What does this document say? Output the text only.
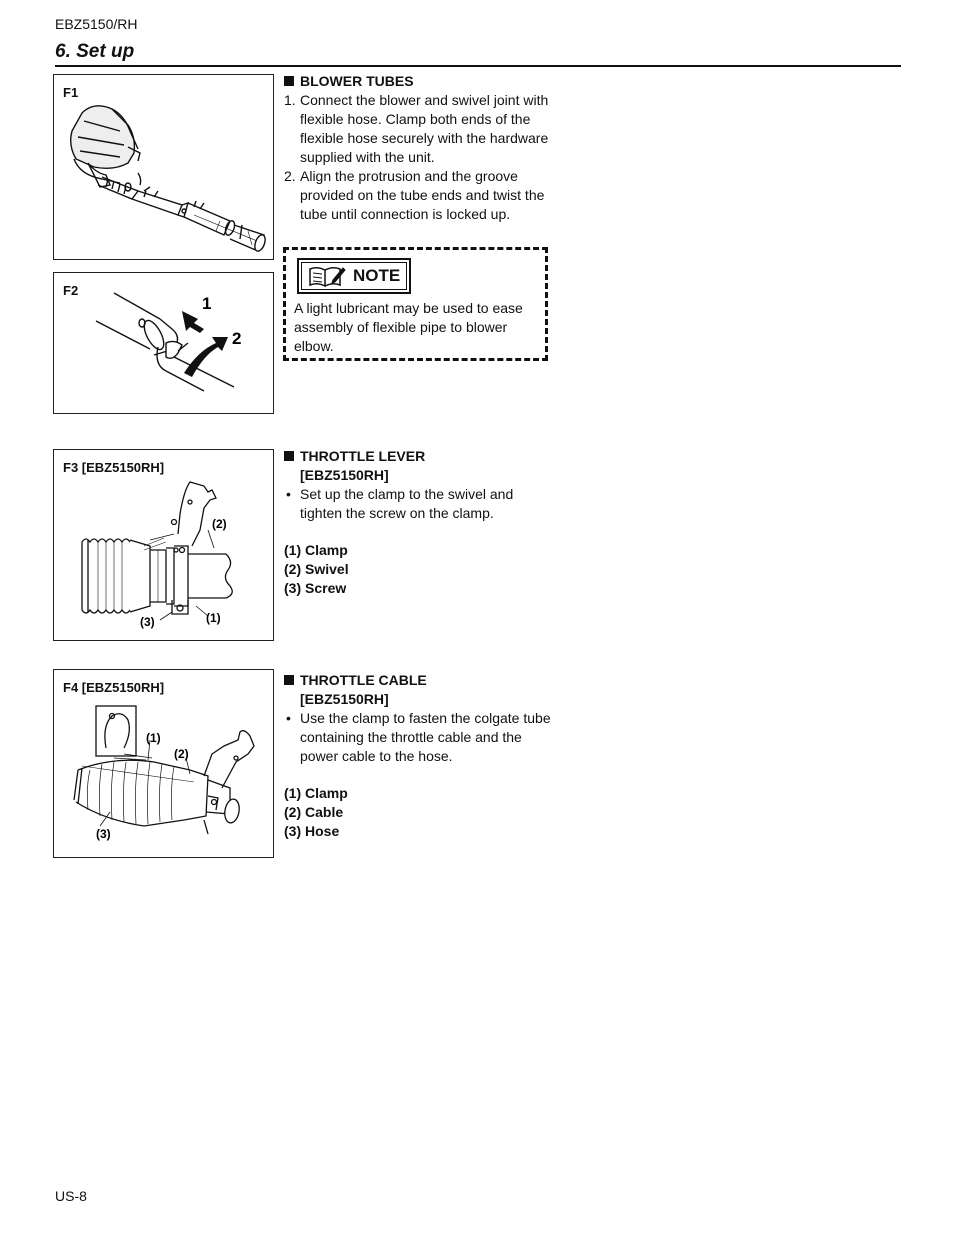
EBZ5150/RH
6. Set up
F1
F2
1
2
F3 [EBZ5150RH]
(2)
(1)
(3)
F4 [EBZ5150RH]
(1)
(2)
(3)
BLOWER TUBES
1. Connect the blower and swivel joint with flexible hose. Clamp both ends of the flexible hose securely with the hardware supplied with the unit.
2. Align the protrusion and the groove provided on the tube ends and twist the tube until connection is locked up.
NOTE
A light lubricant may be used to ease assembly of flexible pipe to blower elbow.
THROTTLE LEVER
[EBZ5150RH]
• Set up the clamp to the swivel and tighten the screw on the clamp.
(1) Clamp
(2) Swivel
(3) Screw
THROTTLE CABLE
[EBZ5150RH]
• Use the clamp to fasten the colgate tube containing the throttle cable and the power cable to the hose.
(1) Clamp
(2) Cable
(3) Hose
US-8
